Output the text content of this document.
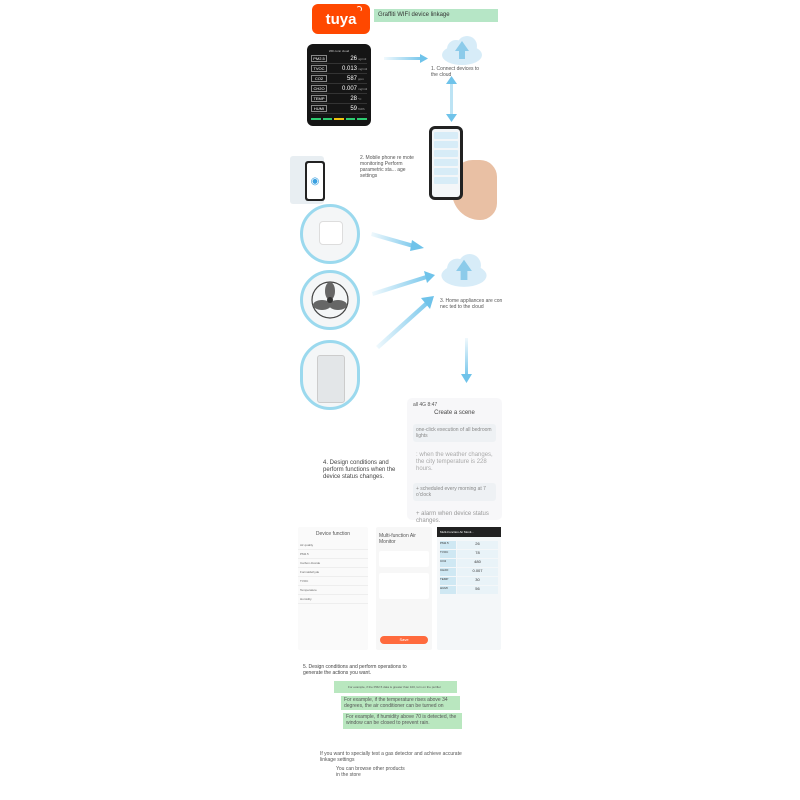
tuya	Graffiti WIFI device linkage
Wifi conn cloud
PM2.5	26 ug/m3
TVOC	0.013 mg/m3
CO2	587 ppm
CH2O	0.007 mg/m3
TEMP	28 °C
HUMI	59 %Rh
1. Connect devices to the cloud
3. Home appliances are con nec ted to the cloud
2. Mobile phone re mote monitoring Perform parametric sta... age settings
◉
all 4G 8:47
Create a scene
one-click execution of all bedroom lights
: when the weather changes, the city temperature is 228 hours.
+ scheduled every morning at 7 o'clock
+ alarm when device status changes.
4. Design conditions and perform functions when the device status changes.
Device function
Air quality
PM2.5
Carbon dioxide
Formaldehyde
TVOC
Temperature
Humidity
Multi-function Air Monitor
Save
Multi-Function Air Monit...
PM2.5	26
TVOC	78
CO2	480
CH2O	0.007
TEMP	30
HUMI	56
5. Design conditions and perform operations to generate the actions you want.
For example, if the PM2.5 data is greater than 100, turn on the purifier
For example, if the temperature rises above 34 degrees, the air conditioner can be turned on
For example, if humidity above 70 is detected, the window can be closed to prevent rain.
If you want to specially test a gas detector and achieve accurate linkage settings
You can browse other products in the store
